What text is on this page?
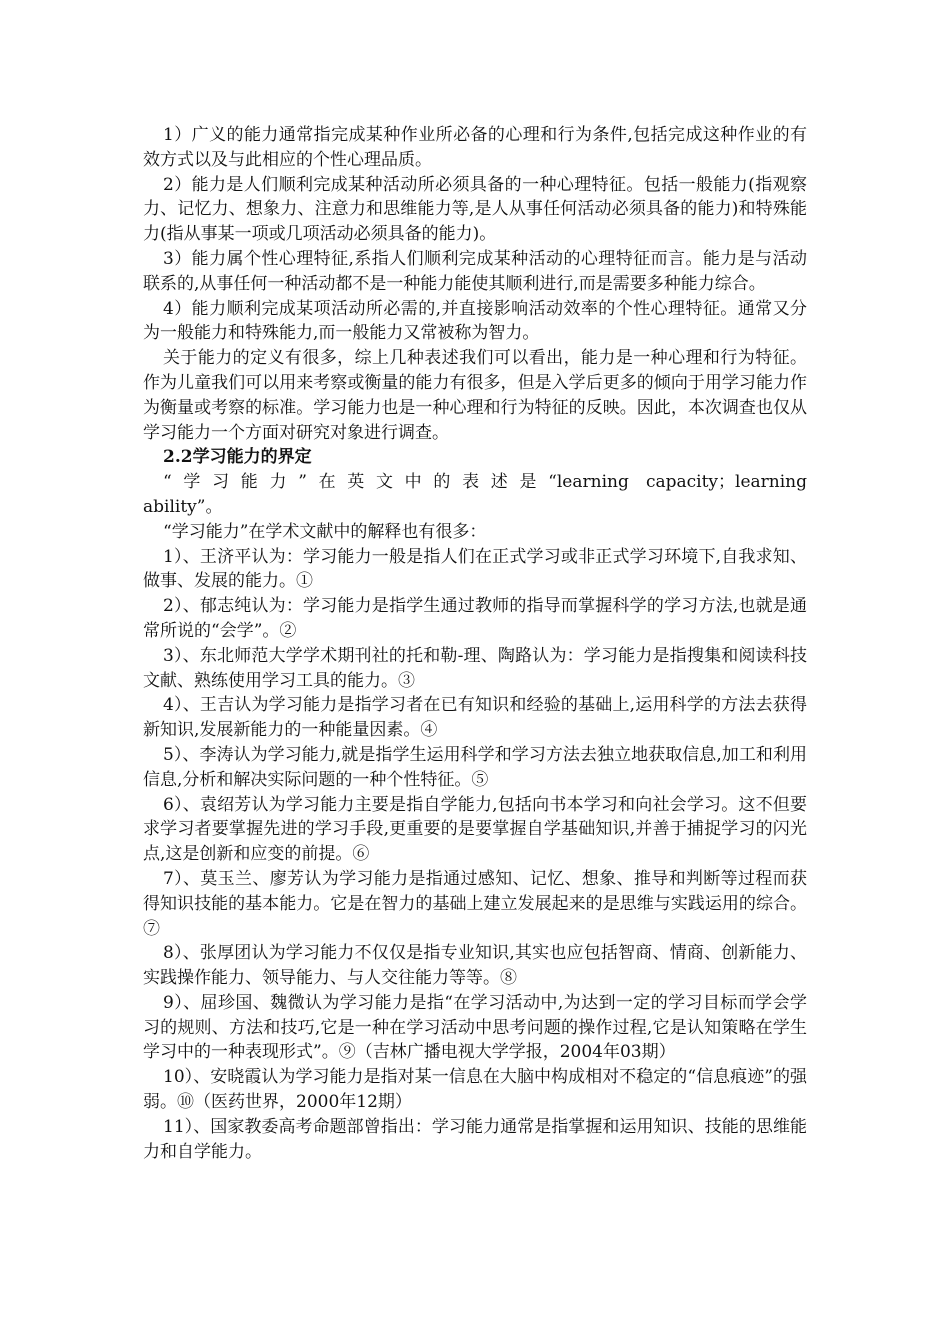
1）广义的能力通常指完成某种作业所必备的心理和行为条件,包括完成这种作业的有效方式以及与此相应的个性心理品质。

2）能力是人们顺利完成某种活动所必须具备的一种心理特征。包括一般能力(指观察力、记忆力、想象力、注意力和思维能力等,是人从事任何活动必须具备的能力)和特殊能力(指从事某一项或几项活动必须具备的能力)。

3）能力属个性心理特征,系指人们顺利完成某种活动的心理特征而言。能力是与活动联系的,从事任何一种活动都不是一种能力能使其顺利进行,而是需要多种能力综合。

4）能力顺利完成某项活动所必需的,并直接影响活动效率的个性心理特征。通常又分为一般能力和特殊能力,而一般能力又常被称为智力。

关于能力的定义有很多，综上几种表述我们可以看出，能力是一种心理和行为特征。作为儿童我们可以用来考察或衡量的能力有很多，但是入学后更多的倾向于用学习能力作为衡量或考察的标准。学习能力也是一种心理和行为特征的反映。因此，本次调查也仅从学习能力一个方面对研究对象进行调查。

2.2学习能力的界定

“学习能力”在英文中的表述是“learning capacity；learning

ability”。

“学习能力”在学术文献中的解释也有很多：

1）、王济平认为：学习能力一般是指人们在正式学习或非正式学习环境下,自我求知、做事、发展的能力。①

2）、郁志纯认为：学习能力是指学生通过教师的指导而掌握科学的学习方法,也就是通常所说的“会学”。②

3）、东北师范大学学术期刊社的托和勒-理、陶路认为：学习能力是指搜集和阅读科技文献、熟练使用学习工具的能力。③

4）、王吉认为学习能力是指学习者在已有知识和经验的基础上,运用科学的方法去获得新知识,发展新能力的一种能量因素。④

5）、李涛认为学习能力,就是指学生运用科学和学习方法去独立地获取信息,加工和利用信息,分析和解决实际问题的一种个性特征。⑤

6）、袁绍芳认为学习能力主要是指自学能力,包括向书本学习和向社会学习。这不但要求学习者要掌握先进的学习手段,更重要的是要掌握自学基础知识,并善于捕捉学习的闪光点,这是创新和应变的前提。⑥

7）、莫玉兰、廖芳认为学习能力是指通过感知、记忆、想象、推导和判断等过程而获得知识技能的基本能力。它是在智力的基础上建立发展起来的是思维与实践运用的综合。⑦

8）、张厚团认为学习能力不仅仅是指专业知识,其实也应包括智商、情商、创新能力、实践操作能力、领导能力、与人交往能力等等。⑧

9）、屈珍国、魏微认为学习能力是指“在学习活动中,为达到一定的学习目标而学会学习的规则、方法和技巧,它是一种在学习活动中思考问题的操作过程,它是认知策略在学生学习中的一种表现形式”。⑨（吉林广播电视大学学报，2004年03期）

10）、安晓霞认为学习能力是指对某一信息在大脑中构成相对不稳定的“信息痕迹”的强弱。⑩（医药世界，2000年12期）

11）、国家教委高考命题部曾指出：学习能力通常是指掌握和运用知识、技能的思维能力和自学能力。
